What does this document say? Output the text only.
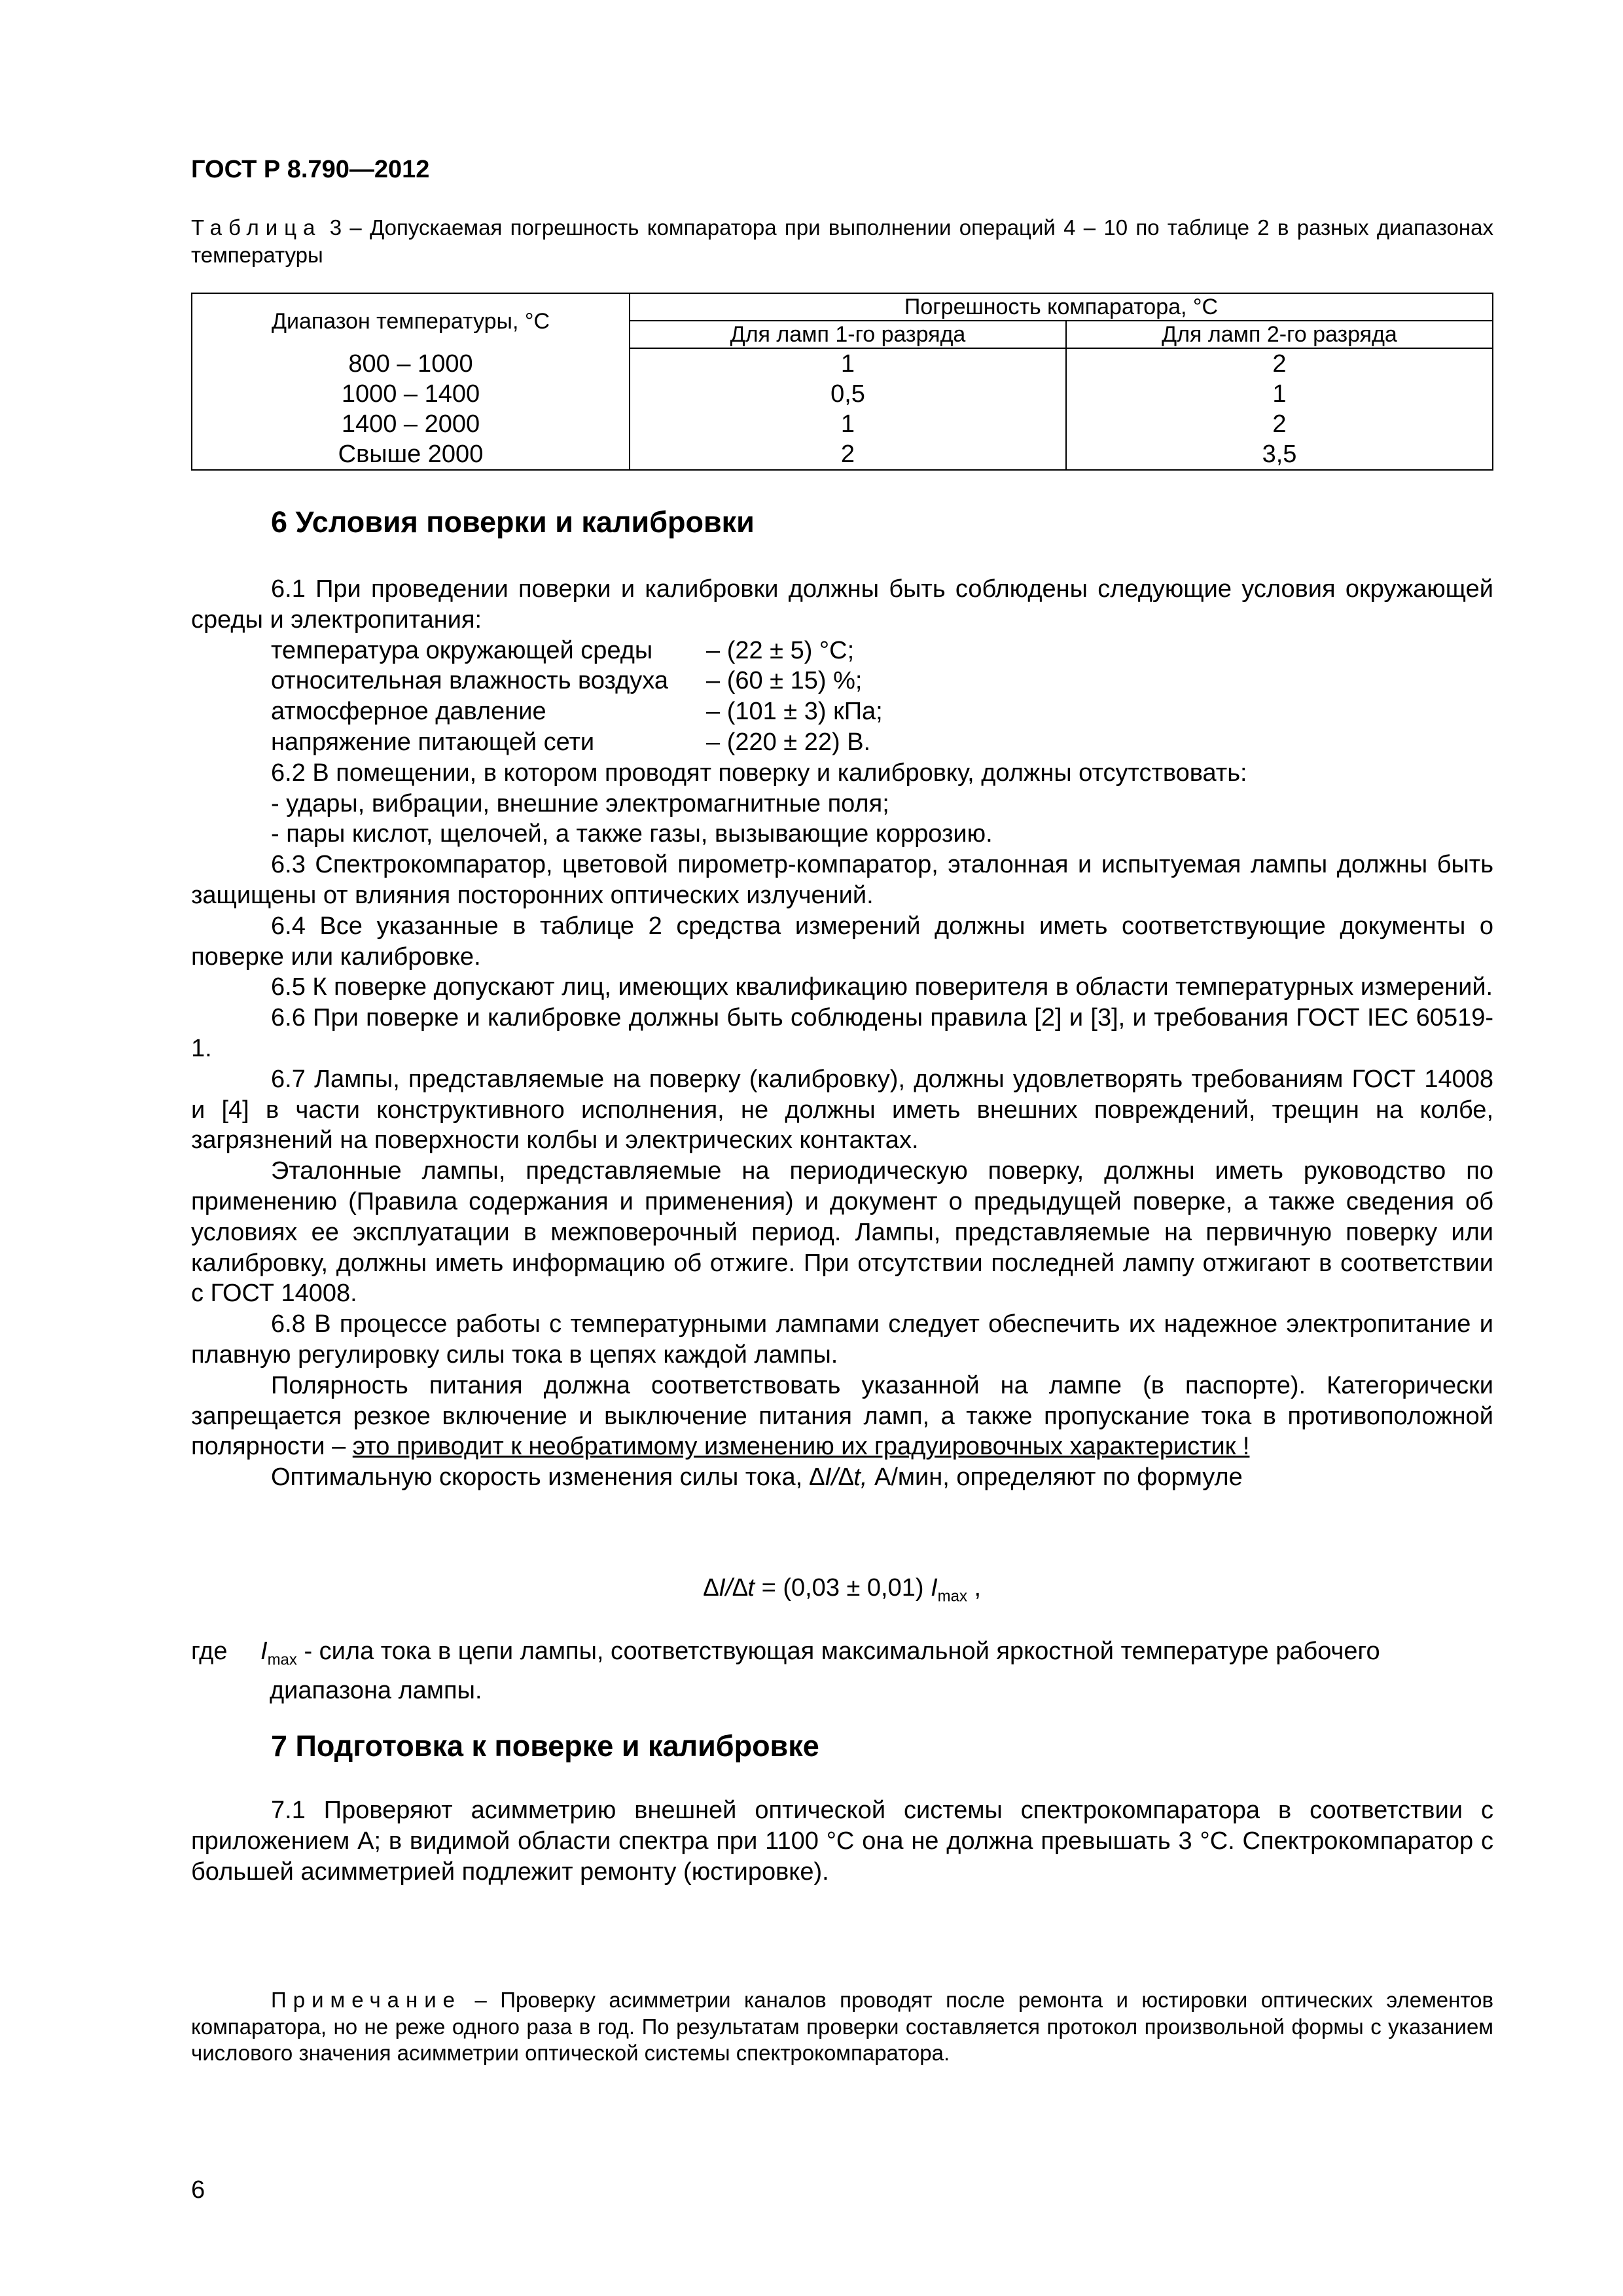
ГОСТ Р 8.790—2012
Таблица 3 – Допускаемая погрешность компаратора при выполнении операций 4 – 10 по таблице 2 в разных диапазонах температуры
Диапазон температуры, °С	Погрешность компаратора, °С	
	Для ламп 1-го разряда	Для ламп 2-го разряда
800 – 1000	1	2
1000 – 1400	0,5	1
1400 – 2000	1	2
Свыше 2000	2	3,5
6 Условия поверки и калибровки

6.1 При проведении поверки и калибровки должны быть соблюдены следующие условия окружающей среды и электропитания:

температура окружающей среды	– (22 ± 5) °С;
относительная влажность воздуха	– (60 ± 15) %;
атмосферное давление	– (101 ± 3) кПа;
напряжение питающей сети	– (220 ± 22) В.

6.2 В помещении, в котором проводят поверку и калибровку, должны отсутствовать:

- удары, вибрации, внешние электромагнитные поля;

- пары кислот, щелочей, а также газы, вызывающие коррозию.

6.3 Спектрокомпаратор, цветовой пирометр-компаратор, эталонная и испытуемая лампы должны быть защищены от влияния посторонних оптических излучений.

6.4 Все указанные в таблице 2 средства измерений должны иметь соответствующие документы о поверке или калибровке.

6.5 К поверке допускают лиц, имеющих квалификацию поверителя в области температурных измерений.

6.6 При поверке и калибровке должны быть соблюдены правила [2] и [3], и требования ГОСТ IEC 60519-1.

6.7 Лампы, представляемые на поверку (калибровку), должны удовлетворять требованиям ГОСТ 14008 и [4] в части конструктивного исполнения, не должны иметь внешних повреждений, трещин на колбе, загрязнений на поверхности колбы и электрических контактах.

Эталонные лампы, представляемые на периодическую поверку, должны иметь руководство по применению (Правила содержания и применения) и документ о предыдущей поверке, а также сведения об условиях ее эксплуатации в межповерочный период. Лампы, представляемые на первичную поверку или калибровку, должны иметь информацию об отжиге. При отсутствии последней лампу отжигают в соответствии с ГОСТ 14008.

6.8 В процессе работы с температурными лампами следует обеспечить их надежное электропитание и плавную регулировку силы тока в цепях каждой лампы.

Полярность питания должна соответствовать указанной на лампе (в паспорте). Категорически запрещается резкое включение и выключение питания ламп, а также пропускание тока в противоположной полярности – это приводит к необратимому изменению их градуировочных характеристик !

Оптимальную скорость изменения силы тока, ∆I/∆t, А/мин, определяют по формуле

∆I/∆t = (0,03 ± 0,01) $I_{max}$ ,
где	$I_{max}$ - сила тока в цепи лампы, соответствующая максимальной яркостной температуре рабочего

диапазона лампы.

7 Подготовка к поверке и калибровке

7.1 Проверяют асимметрию внешней оптической системы спектрокомпаратора в соответствии с приложением А; в видимой области спектра при 1100 °С она не должна превышать 3 °С. Спектрокомпаратор с большей асимметрией подлежит ремонту (юстировке).

Примечание – Проверку асимметрии каналов проводят после ремонта и юстировки оптических элементов компаратора, но не реже одного раза в год. По результатам проверки составляется протокол произвольной формы с указанием числового значения асимметрии оптической системы спектрокомпаратора.

6
